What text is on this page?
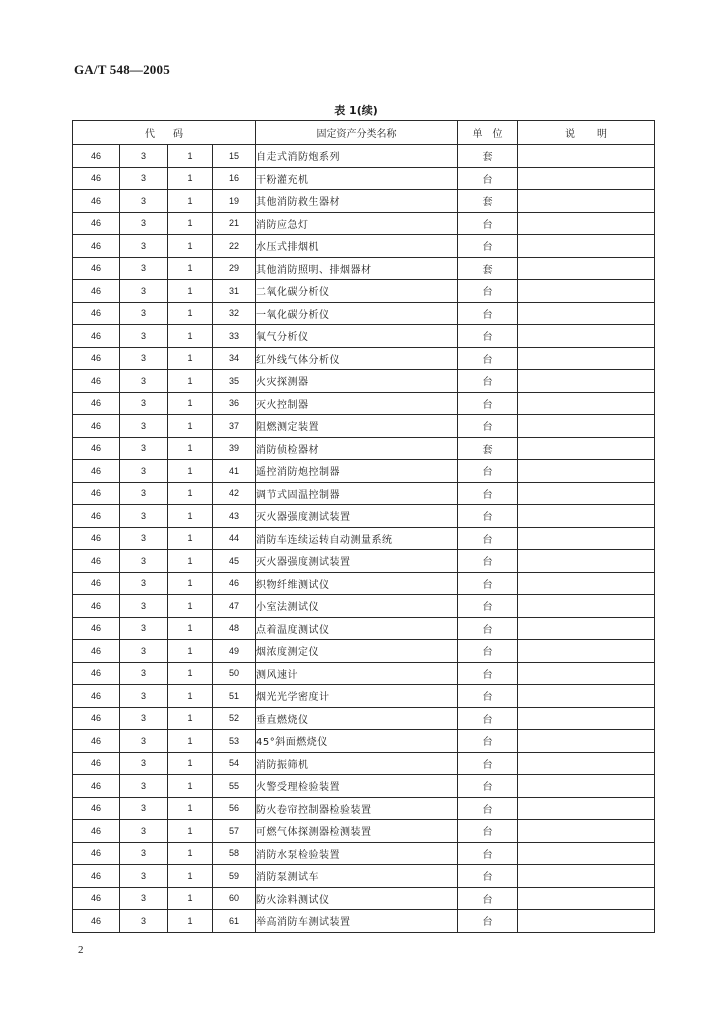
GA/T 548—2005
表 1(续)
代码				固定资产分类名称	单位	说明
46	3	1	15	自走式消防炮系列	套	
46	3	1	16	干粉灌充机	台	
46	3	1	19	其他消防救生器材	套	
46	3	1	21	消防应急灯	台	
46	3	1	22	水压式排烟机	台	
46	3	1	29	其他消防照明、排烟器材	套	
46	3	1	31	二氧化碳分析仪	台	
46	3	1	32	一氧化碳分析仪	台	
46	3	1	33	氧气分析仪	台	
46	3	1	34	红外线气体分析仪	台	
46	3	1	35	火灾探测器	台	
46	3	1	36	灭火控制器	台	
46	3	1	37	阻燃测定装置	台	
46	3	1	39	消防侦检器材	套	
46	3	1	41	遥控消防炮控制器	台	
46	3	1	42	调节式固温控制器	台	
46	3	1	43	灭火器强度测试装置	台	
46	3	1	44	消防车连续运转自动测量系统	台	
46	3	1	45	灭火器强度测试装置	台	
46	3	1	46	织物纤维测试仪	台	
46	3	1	47	小室法测试仪	台	
46	3	1	48	点着温度测试仪	台	
46	3	1	49	烟浓度测定仪	台	
46	3	1	50	测风速计	台	
46	3	1	51	烟光光学密度计	台	
46	3	1	52	垂直燃烧仪	台	
46	3	1	53	45°斜面燃烧仪	台	
46	3	1	54	消防振筛机	台	
46	3	1	55	火警受理检验装置	台	
46	3	1	56	防火卷帘控制器检验装置	台	
46	3	1	57	可燃气体探测器检测装置	台	
46	3	1	58	消防水泵检验装置	台	
46	3	1	59	消防泵测试车	台	
46	3	1	60	防火涂料测试仪	台	
46	3	1	61	举高消防车测试装置	台	
2
